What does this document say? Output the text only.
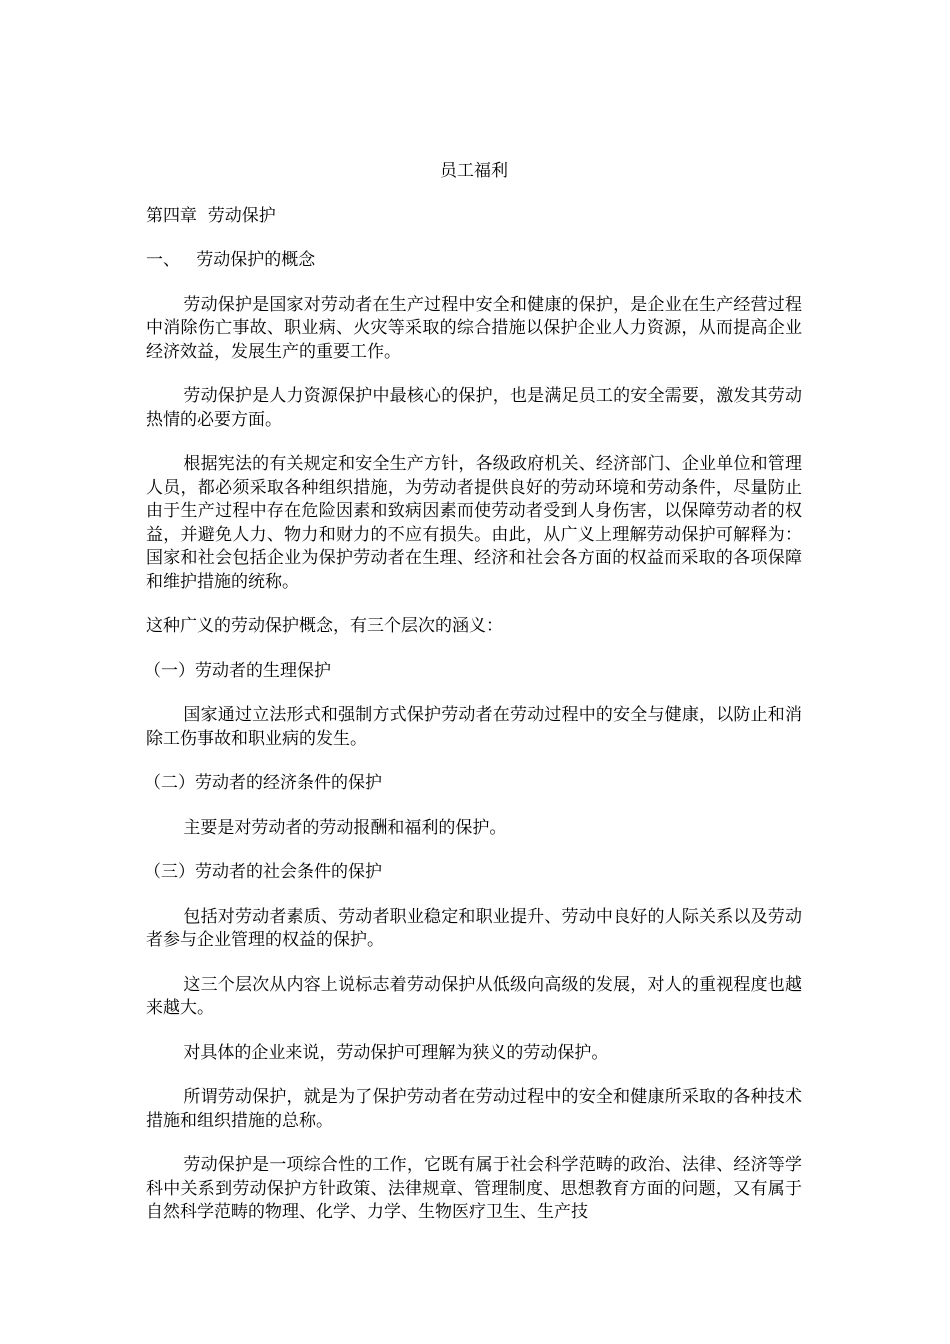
员工福利
第四章  劳动保护
一、   劳动保护的概念

劳动保护是国家对劳动者在生产过程中安全和健康的保护，是企业在生产经营过程中消除伤亡事故、职业病、火灾等采取的综合措施以保护企业人力资源，从而提高企业经济效益，发展生产的重要工作。

劳动保护是人力资源保护中最核心的保护，也是满足员工的安全需要，激发其劳动热情的必要方面。

根据宪法的有关规定和安全生产方针，各级政府机关、经济部门、企业单位和管理人员，都必须采取各种组织措施，为劳动者提供良好的劳动环境和劳动条件，尽量防止由于生产过程中存在危险因素和致病因素而使劳动者受到人身伤害，以保障劳动者的权益，并避免人力、物力和财力的不应有损失。由此，从广义上理解劳动保护可解释为：国家和社会包括企业为保护劳动者在生理、经济和社会各方面的权益而采取的各项保障和维护措施的统称。

这种广义的劳动保护概念，有三个层次的涵义：

（一）劳动者的生理保护

国家通过立法形式和强制方式保护劳动者在劳动过程中的安全与健康，以防止和消除工伤事故和职业病的发生。

（二）劳动者的经济条件的保护

主要是对劳动者的劳动报酬和福利的保护。

（三）劳动者的社会条件的保护

包括对劳动者素质、劳动者职业稳定和职业提升、劳动中良好的人际关系以及劳动者参与企业管理的权益的保护。

这三个层次从内容上说标志着劳动保护从低级向高级的发展，对人的重视程度也越来越大。

对具体的企业来说，劳动保护可理解为狭义的劳动保护。

所谓劳动保护，就是为了保护劳动者在劳动过程中的安全和健康所采取的各种技术措施和组织措施的总称。

劳动保护是一项综合性的工作，它既有属于社会科学范畴的政治、法律、经济等学科中关系到劳动保护方针政策、法律规章、管理制度、思想教育方面的问题，又有属于自然科学范畴的物理、化学、力学、生物医疗卫生、生产技
